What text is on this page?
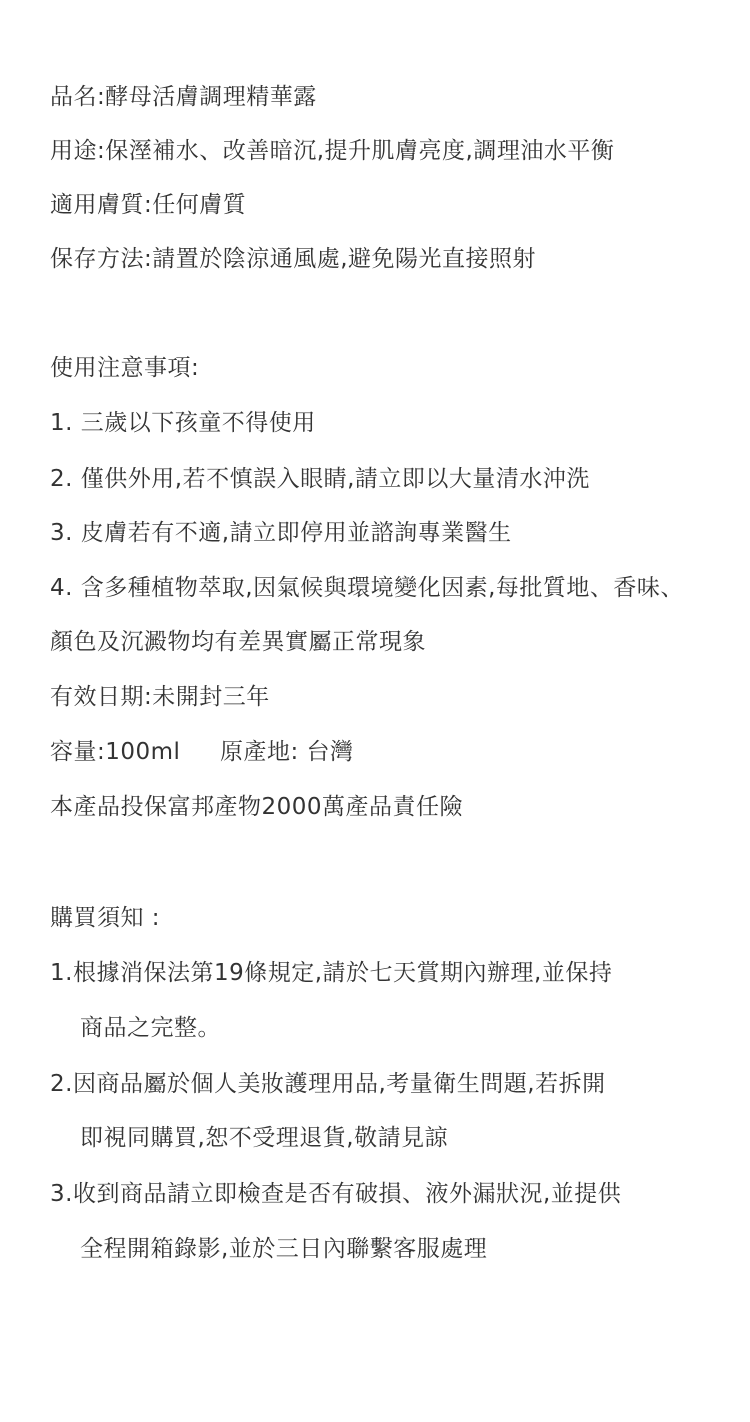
品名:酵母活膚調理精華露
用途:保溼補水、改善暗沉,提升肌膚亮度,調理油水平衡
適用膚質:任何膚質
保存方法:請置於陰涼通風處,避免陽光直接照射
使用注意事項:
1. 三歲以下孩童不得使用
2. 僅供外用,若不慎誤入眼睛,請立即以大量清水沖洗
3. 皮膚若有不適,請立即停用並諮詢專業醫生
4. 含多種植物萃取,因氣候與環境變化因素,每批質地、香味、
顏色及沉澱物均有差異實屬正常現象
有效日期:未開封三年
容量:100ml 原產地: 台灣
本產品投保富邦產物2000萬產品責任險
購買須知 :
1.根據消保法第19條規定,請於七天賞期內辦理,並保持
商品之完整。
2.因商品屬於個人美妝護理用品,考量衛生問題,若拆開
即視同購買,恕不受理退貨,敬請見諒
3.收到商品請立即檢查是否有破損、液外漏狀況,並提供
全程開箱錄影,並於三日內聯繫客服處理
